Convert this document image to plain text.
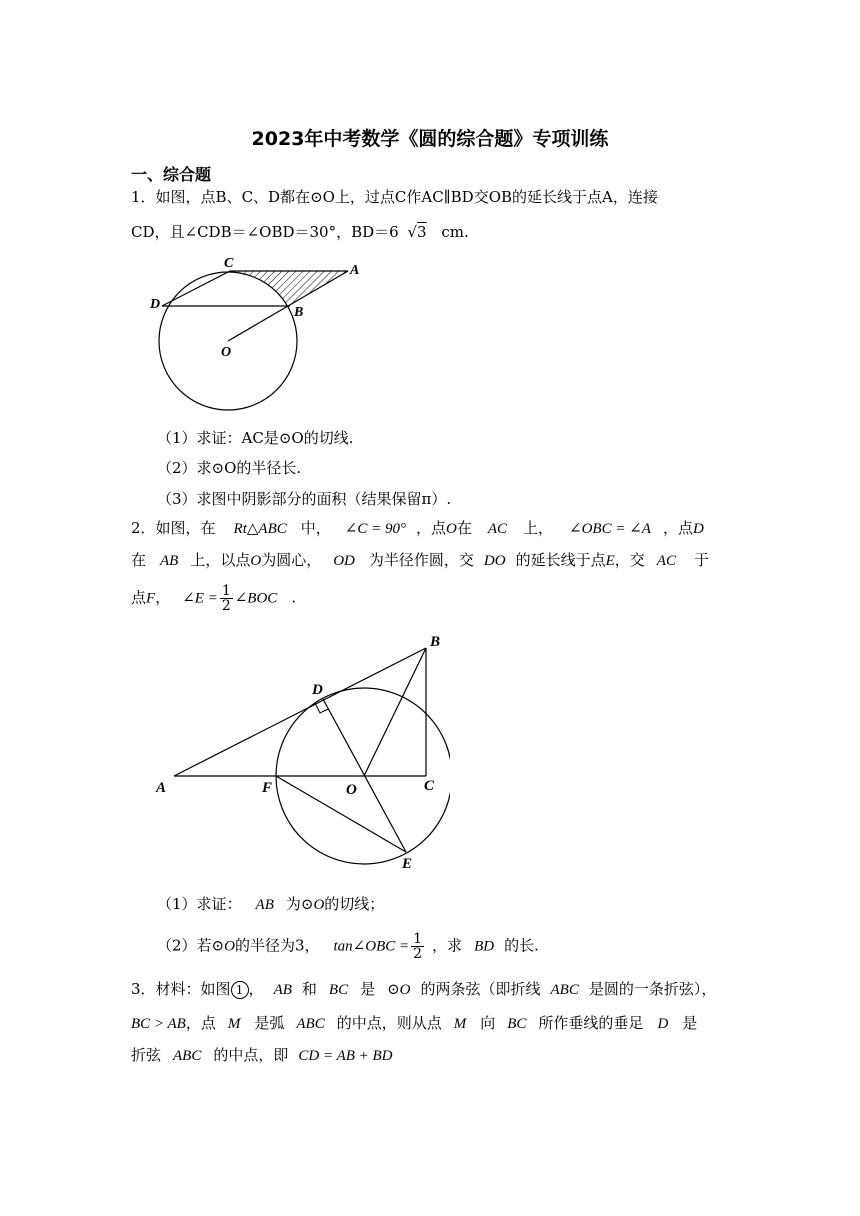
2023年中考数学《圆的综合题》专项训练
一、综合题
1．如图，点B、C、D都在⊙O上，过点C作AC∥BD交OB的延长线于点A，连接
CD，且∠CDB＝∠OBD＝30°，BD＝6 √3 cm.
C	A
D
B
O
（1）求证：AC是⊙O的切线.
（2）求⊙O的半径长.
（3）求图中阴影部分的面积（结果保留π）.
2．如图，在 Rt△ABC 中， ∠C = 90° ，点O在 AC 上， ∠OBC = ∠A ，点D
在 AB 上，以点O为圆心， OD 为半径作圆，交 DO 的延长线于点E，交 AC 于
点F， ∠E = $\frac{1}{2}$ ∠BOC .
B
D
A	F	O	C
E
（1）求证： AB 为⊙O的切线；
（2）若⊙O的半径为3， tan∠OBC = $\frac{1}{2}$ ，求 BD 的长.
3．材料：如图 1 ， AB 和 BC 是 ⊙O 的两条弦（即折线 ABC 是圆的一条折弦），
BC > AB，点 M 是弧 ABC 的中点，则从点 M 向 BC 所作垂线的垂足 D 是
折弦 ABC 的中点，即 CD = AB + BD
